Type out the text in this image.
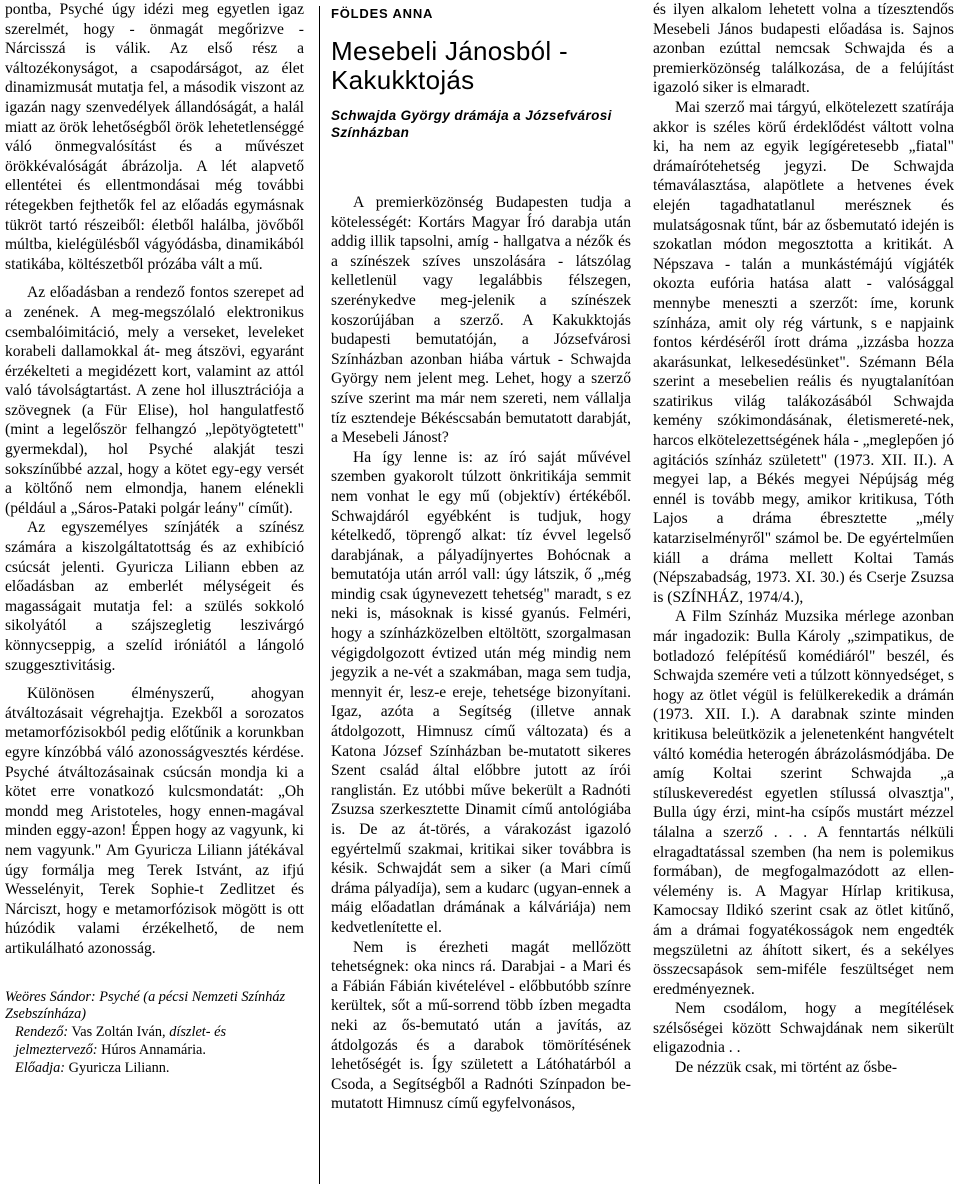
pontba, Psyché úgy idézi meg egyetlen igaz szerelmét, hogy - önmagát megőrizve - Nárcisszá is válik. Az első rész a változékonyságot, a csapodárságot, az élet dinamizmusát mutatja fel, a második viszont az igazán nagy szenvedélyek állandóságát, a halál miatt az örök lehetőségből örök lehetetlenséggé váló önmegvalósítást és a művészet örökkévalóságát ábrázolja. A lét alapvető ellentétei és ellentmondásai még további rétegekben fejthetők fel az előadás egymásnak tükröt tartó részeiből: életből halálba, jövőből múltba, kielégülésből vágyódásba, dinamikából statikába, költészetből prózába vált a mű.

Az előadásban a rendező fontos szerepet ad a zenének. A meg-megszólaló elektronikus csembalóimitáció, mely a verseket, leveleket korabeli dallamokkal át- meg átszövi, egyaránt érzékelteti a megidézett kort, valamint az attól való távolságtartást. A zene hol illusztrációja a szövegnek (a Für Elise), hol hangulatfestő (mint a legelőször felhangzó „lepötyögtetett" gyermekdal), hol Psyché alakját teszi sokszínűbbé azzal, hogy a kötet egy-egy versét a költőnő nem elmondja, hanem elénekli (például a „Sáros-Pataki polgár leány" címűt).

Az egyszemélyes színjáték a színész számára a kiszolgáltatottság és az exhibíció csúcsát jelenti. Gyuricza Liliann ebben az előadásban az emberlét mélységeit és magasságait mutatja fel: a szülés sokkoló sikolyától a szájszegletig leszivárgó könnycseppig, a szelíd iróniától a lángoló szuggesztivitásig.

Különösen élményszerű, ahogyan átváltozásait végrehajtja. Ezekből a sorozatos metamorfózisokból pedig előtűnik a korunkban egyre kínzóbbá váló azonosságvesztés kérdése. Psyché átváltozásainak csúcsán mondja ki a kötet erre vonatkozó kulcsmondatát: „Oh mondd meg Aristoteles, hogy ennen-magával minden eggy-azon! Éppen hogy az vagyunk, ki nem vagyunk." Am Gyuricza Liliann játékával úgy formálja meg Terek Istvánt, az ifjú Wesselényit, Terek Sophie-t Zedlitzet és Nárciszt, hogy e metamorfózisok mögött is ott húzódik valami érzékelhető, de nem artikulálható azonosság.

Weöres Sándor: Psyché (a pécsi Nemzeti Színház Zsebszínháza)
Rendező: Vas Zoltán Iván, díszlet- és jelmeztervező: Húros Annamária.
Előadja: Gyuricza Liliann.
FÖLDES ANNA
Mesebeli Jánosból - Kakukktojás
Schwajda György drámája a Józsefvárosi Színházban

A premierközönség Budapesten tudja a kötelességét: Kortárs Magyar Író darabja után addig illik tapsolni, amíg - hallgatva a nézők és a színészek szíves unszolására - látszólag kelletlenül vagy legalábbis félszegen, szerénykedve meg-jelenik a színészek koszorújában a szerző. A Kakukktojás budapesti bemutatóján, a Józsefvárosi Színházban azonban hiába vártuk - Schwajda György nem jelent meg. Lehet, hogy a szerző szíve szerint ma már nem szereti, nem vállalja tíz esztendeje Békéscsabán bemutatott darabját, a Mesebeli Jánost?

Ha így lenne is: az író saját művével szemben gyakorolt túlzott önkritikája semmit nem vonhat le egy mű (objektív) értékéből. Schwajdáról egyébként is tudjuk, hogy kételkedő, töprengő alkat: tíz évvel legelső darabjának, a pályadíjnyertes Bohócnak a bemutatója után arról vall: úgy látszik, ő „még mindig csak úgynevezett tehetség" maradt, s ez neki is, másoknak is kissé gyanús. Felméri, hogy a színházközelben eltöltött, szorgalmasan végigdolgozott évtized után még mindig nem jegyzik a ne-vét a szakmában, maga sem tudja, mennyit ér, lesz-e ereje, tehetsége bizonyítani. Igaz, azóta a Segítség (illetve annak átdolgozott, Himnusz című változata) és a Katona József Színházban be-mutatott sikeres Szent család által előbbre jutott az írói ranglistán. Ez utóbbi műve bekerült a Radnóti Zsuzsa szerkesztette Dinamit című antológiába is. De az át-törés, a várakozást igazoló egyértelmű szakmai, kritikai siker továbbra is késik. Schwajdát sem a siker (a Mari című dráma pályadíja), sem a kudarc (ugyan-ennek a máig előadatlan drámának a kálváriája) nem kedvetlenítette el.

Nem is érezheti magát mellőzött tehetségnek: oka nincs rá. Darabjai - a Mari és a Fábián Fábián kivételével - előbbutóbb színre kerültek, sőt a mű-sorrend több ízben megadta neki az ős-bemutató után a javítás, az átdolgozás és a darabok tömörítésének lehetőségét is. Így született a Látóhatárból a Csoda, a Segítségből a Radnóti Színpadon be-mutatott Himnusz című egyfelvonásos,

és ilyen alkalom lehetett volna a tízesztendős Mesebeli János budapesti előadása is. Sajnos azonban ezúttal nemcsak Schwajda és a premierközönség találkozása, de a felújítást igazoló siker is elmaradt.

Mai szerző mai tárgyú, elkötelezett szatírája akkor is széles körű érdeklődést váltott volna ki, ha nem az egyik legígéretesebb „fiatal" drámaírótehetség jegyzi. De Schwajda témaválasztása, alapötlete a hetvenes évek elején tagadhatatlanul merésznek és mulatságosnak tűnt, bár az ősbemutató idején is szokatlan módon megosztotta a kritikát. A Népszava - talán a munkástémájú vígjáték okozta eufória hatása alatt - valósággal mennybe meneszti a szerzőt: íme, korunk színháza, amit oly rég vártunk, s e napjaink fontos kérdéséről írott dráma „izzásba hozza akarásunkat, lelkesedésünket". Szémann Béla szerint a mesebelien reális és nyugtalanítóan szatirikus világ talákozásából Schwajda kemény szókimondásának, életismereté-nek, harcos elkötelezettségének hála - „meglepően jó agitációs színház született" (1973. XII. II.). A megyei lap, a Békés megyei Népújság még ennél is tovább megy, amikor kritikusa, Tóth Lajos a dráma ébresztette „mély katarziselményről" számol be. De egyértelműen kiáll a dráma mellett Koltai Tamás (Népszabadság, 1973. XI. 30.) és Cserje Zsuzsa is (SZÍNHÁZ, 1974/4.),

A Film Színház Muzsika mérlege azonban már ingadozik: Bulla Károly „szimpatikus, de botladozó felépítésű komédiáról" beszél, és Schwajda szemére veti a túlzott könnyedséget, s hogy az ötlet végül is felülkerekedik a drámán (1973. XII. I.). A darabnak szinte minden kritikusa beleütközik a jelenetenként hangvételt váltó komédia heterogén ábrázolásmódjába. De amíg Koltai szerint Schwajda „a stíluskeveredést egyetlen stílussá olvasztja", Bulla úgy érzi, mint-ha csípős mustárt mézzel tálalna a szerző . . . A fenntartás nélküli elragadtatással szemben (ha nem is polemikus formában), de megfogalmazódott az ellen-vélemény is. A Magyar Hírlap kritikusa, Kamocsay Ildikó szerint csak az ötlet kitűnő, ám a drámai fogyatékosságok nem engedték megszületni az áhított sikert, és a sekélyes összecsapások sem-miféle feszültséget nem eredményeznek.

Nem csodálom, hogy a megítélések szélsőségei között Schwajdának nem sikerült eligazodnia . .

De nézzük csak, mi történt az ősbe-
